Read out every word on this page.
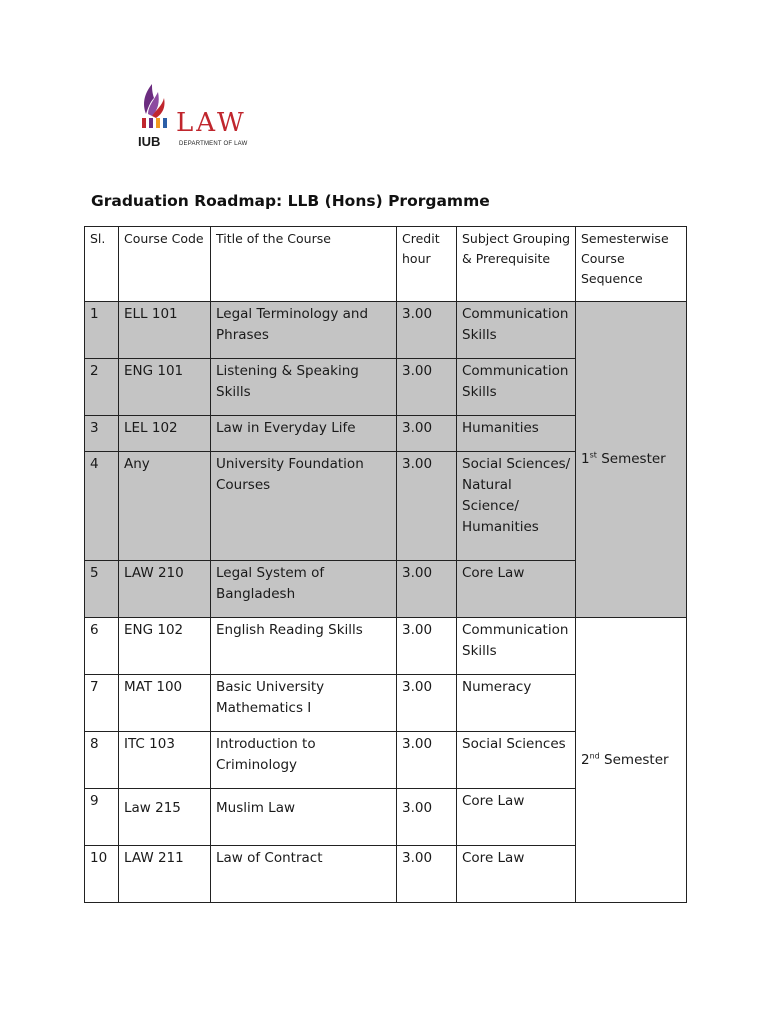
IUB
LAW
DEPARTMENT OF LAW
Graduation Roadmap: LLB (Hons) Prorgamme
Sl.	Course Code	Title of the Course	Credit hour	Subject Grouping & Prerequisite	Semesterwise Course Sequence
1	ELL 101	Legal Terminology and Phrases	3.00	Communication Skills	1st Semester
2	ENG 101	Listening & Speaking Skills	3.00	Communication Skills	
3	LEL 102	Law in Everyday Life	3.00	Humanities	
4	Any	University Foundation Courses	3.00	Social Sciences/ Natural Science/ Humanities	
5	LAW 210	Legal System of Bangladesh	3.00	Core Law	
6	ENG 102	English Reading Skills	3.00	Communication Skills	2nd Semester
7	MAT 100	Basic University Mathematics I	3.00	Numeracy	
8	ITC 103	Introduction to Criminology	3.00	Social Sciences	
9	Law 215	Muslim Law	3.00	Core Law	
10	LAW 211	Law of Contract	3.00	Core Law	
